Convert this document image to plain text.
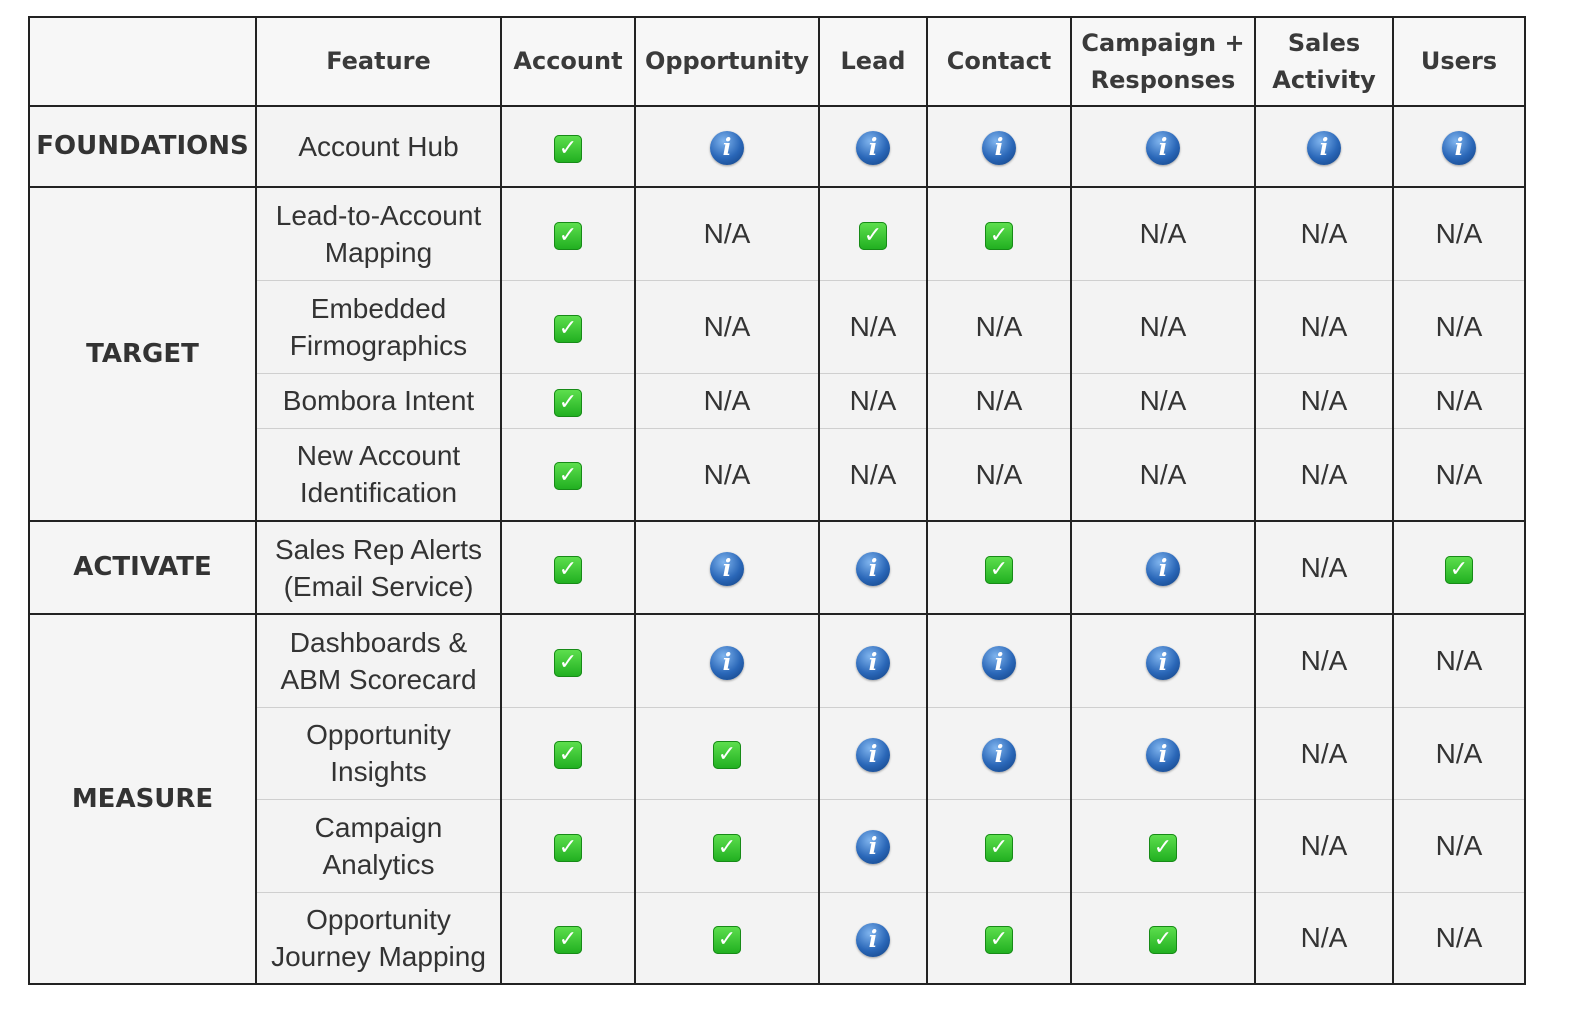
	Feature	Account	Opportunity	Lead	Contact	Campaign + Responses	Sales Activity	Users
FOUNDATIONS	Account Hub	✓	i	i	i	i	i	i
TARGET	Lead-to-Account Mapping	✓	N/A	✓	✓	N/A	N/A	N/A
	Embedded Firmographics	✓	N/A	N/A	N/A	N/A	N/A	N/A
	Bombora Intent	✓	N/A	N/A	N/A	N/A	N/A	N/A
	New Account Identification	✓	N/A	N/A	N/A	N/A	N/A	N/A
ACTIVATE	Sales Rep Alerts (Email Service)	✓	i	i	✓	i	N/A	✓
MEASURE	Dashboards & ABM Scorecard	✓	i	i	i	i	N/A	N/A
	Opportunity Insights	✓	✓	i	i	i	N/A	N/A
	Campaign Analytics	✓	✓	i	✓	✓	N/A	N/A
	Opportunity Journey Mapping	✓	✓	i	✓	✓	N/A	N/A
